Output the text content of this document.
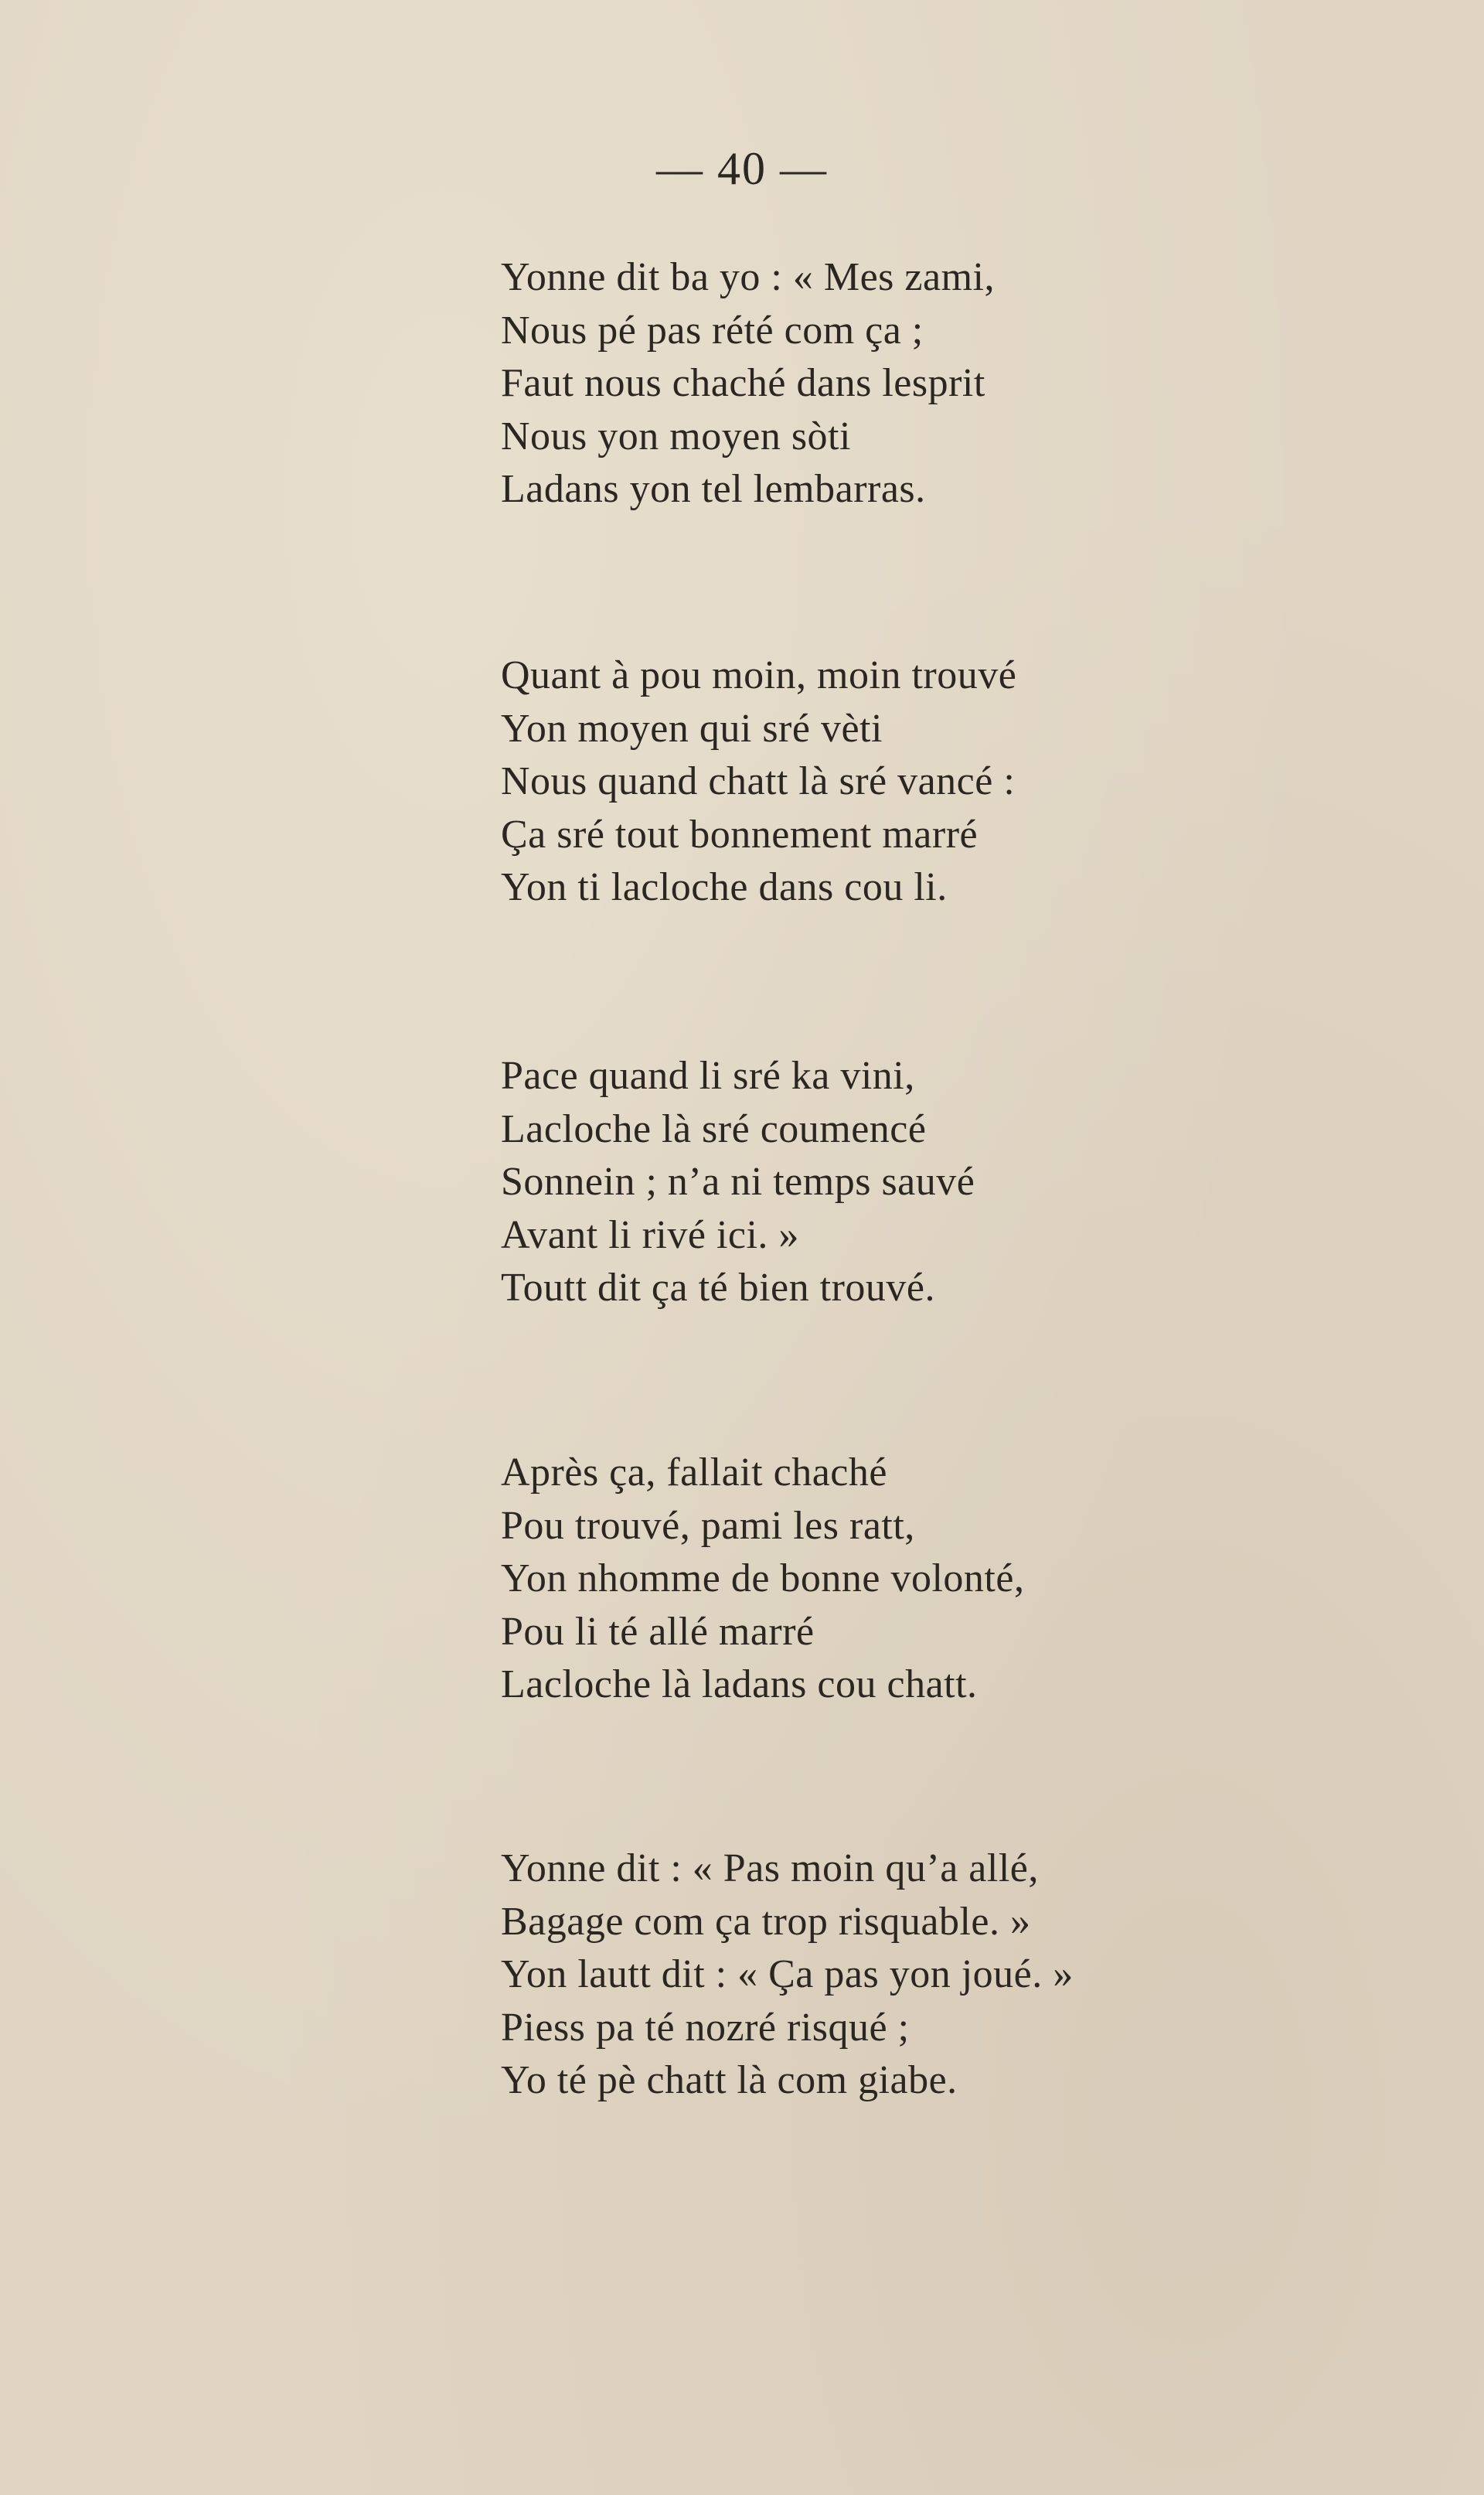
— 40 —
Yonne dit ba yo : « Mes zami,
Nous pé pas rété com ça ;
Faut nous chaché dans lesprit
Nous yon moyen sòti
Ladans yon tel lembarras.
Quant à pou moin, moin trouvé
Yon moyen qui sré vèti
Nous quand chatt là sré vancé :
Ça sré tout bonnement marré
Yon ti lacloche dans cou li.
Pace quand li sré ka vini,
Lacloche là sré coumencé
Sonnein ; n’a ni temps sauvé
Avant li rivé ici. »
Toutt dit ça té bien trouvé.
Après ça, fallait chaché
Pou trouvé, pami les ratt,
Yon nhomme de bonne volonté,
Pou li té allé marré
Lacloche là ladans cou chatt.
Yonne dit : « Pas moin qu’a allé,
Bagage com ça trop risquable. »
Yon lautt dit : « Ça pas yon joué. »
Piess pa té nozré risqué ;
Yo té pè chatt là com giabe.
